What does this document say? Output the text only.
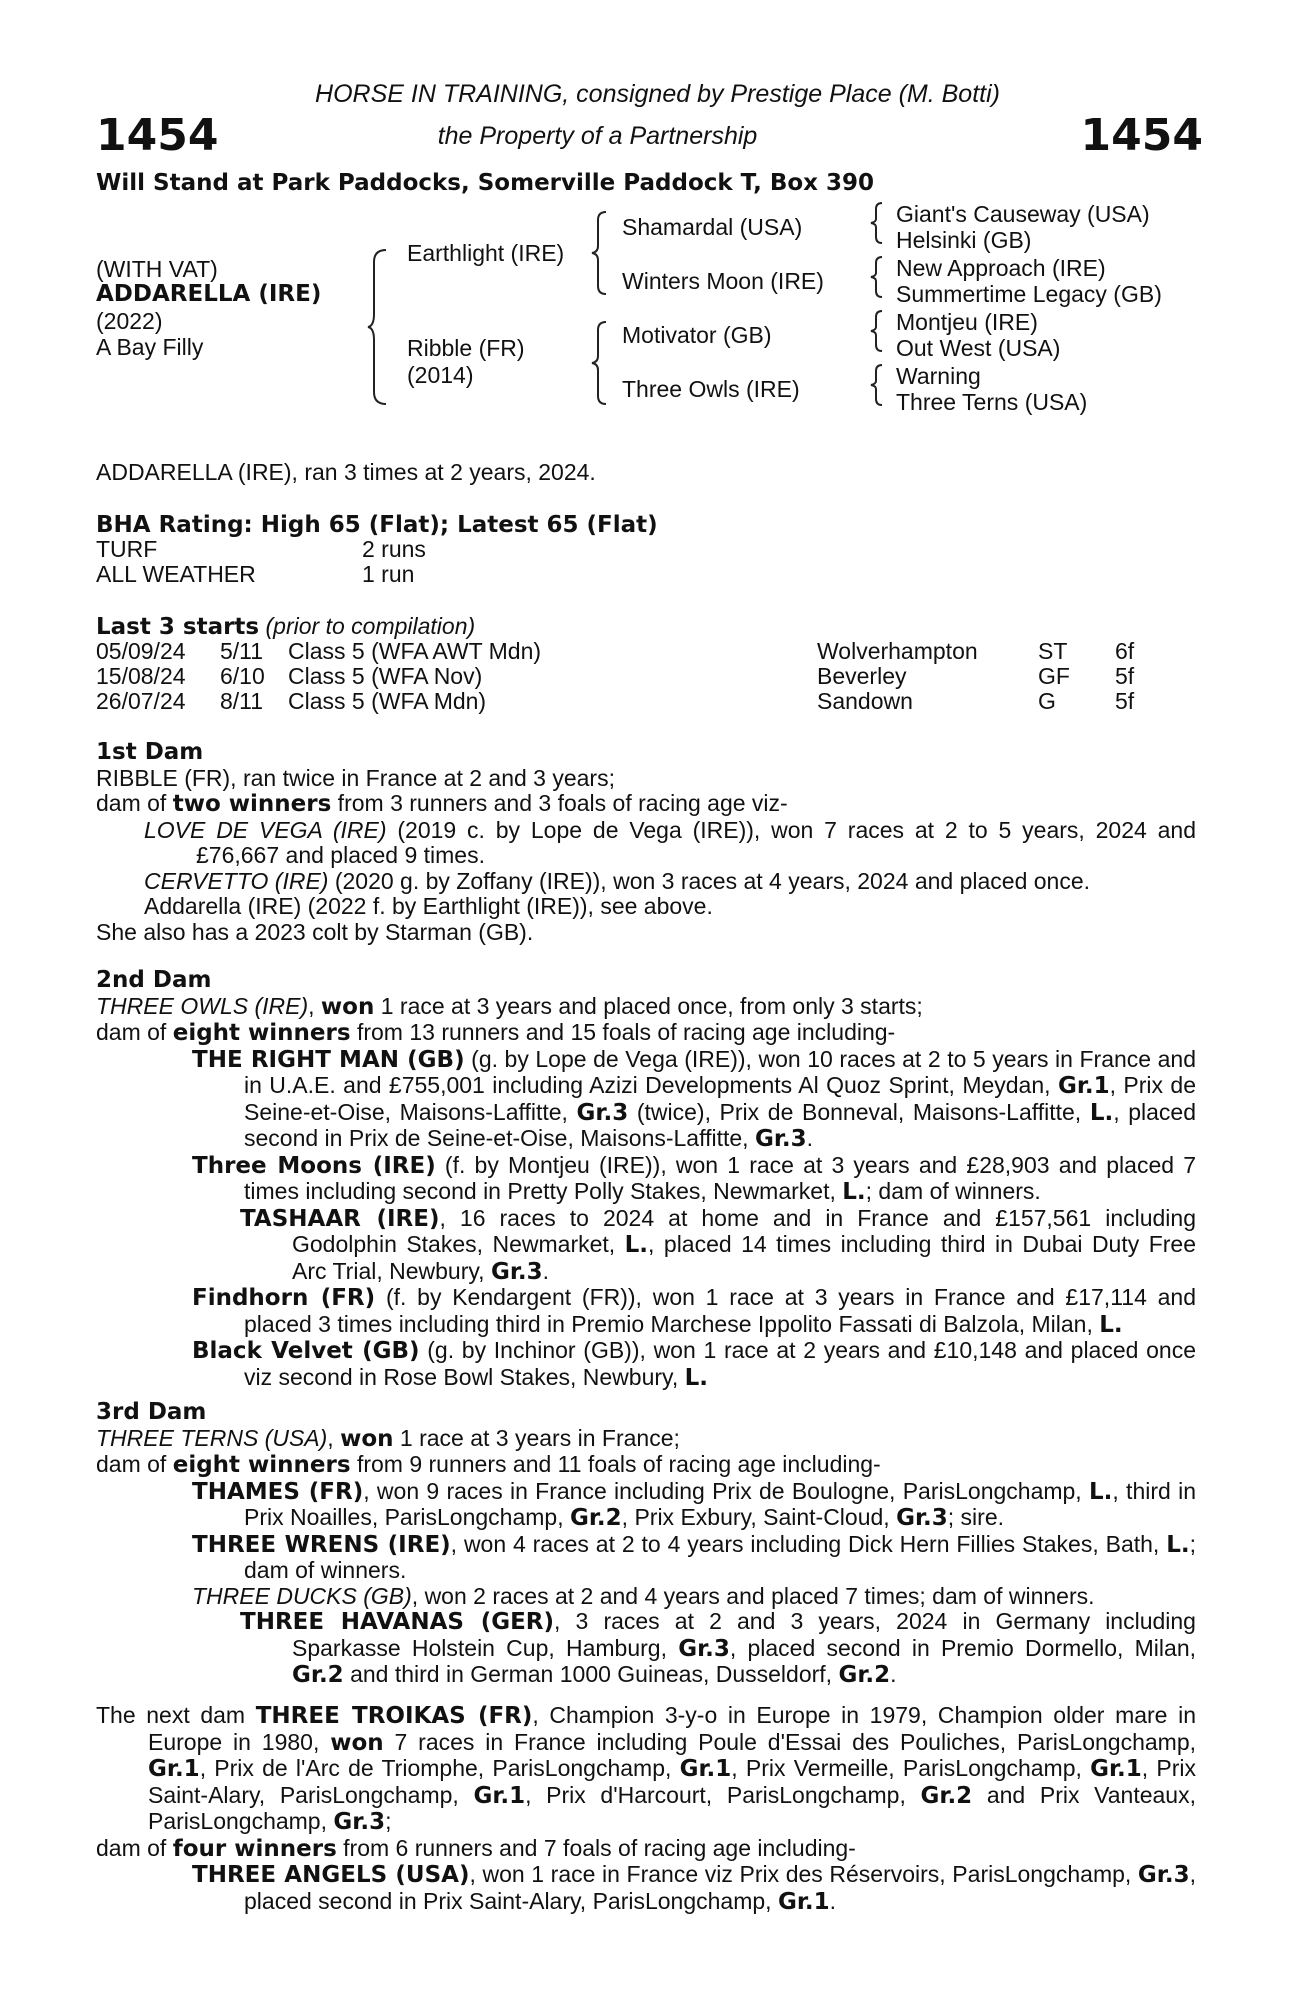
1454	1454
HORSE IN TRAINING, consigned by Prestige Place (M. Botti)
the Property of a Partnership
Will Stand at Park Paddocks, Somerville Paddock T, Box 390
(WITH VAT)
ADDARELLA (IRE)
(2022)
A Bay Filly
Earthlight (IRE)
Ribble (FR)
(2014)
Shamardal (USA)
Winters Moon (IRE)
Motivator (GB)
Three Owls (IRE)
Giant's Causeway (USA)
Helsinki (GB)
New Approach (IRE)
Summertime Legacy (GB)
Montjeu (IRE)
Out West (USA)
Warning
Three Terns (USA)
ADDARELLA (IRE), ran 3 times at 2 years, 2024.
BHA Rating: High 65 (Flat); Latest 65 (Flat)
TURF	2 runs
ALL WEATHER	1 run
Last 3 starts (prior to compilation)
05/09/24 5/11 Class 5 (WFA AWT Mdn)	Wolverhampton	ST 6f
15/08/24 6/10 Class 5 (WFA Nov)	Beverley	GF 5f
26/07/24 8/11 Class 5 (WFA Mdn)	Sandown	G	5f

1st Dam

RIBBLE (FR), ran twice in France at 2 and 3 years;

dam of two winners from 3 runners and 3 foals of racing age viz-

LOVE DE VEGA (IRE) (2019 c. by Lope de Vega (IRE)), won 7 races at 2 to 5 years, 2024 and £76,667 and placed 9 times.

CERVETTO (IRE) (2020 g. by Zoffany (IRE)), won 3 races at 4 years, 2024 and placed once.

Addarella (IRE) (2022 f. by Earthlight (IRE)), see above.

She also has a 2023 colt by Starman (GB).

2nd Dam

THREE OWLS (IRE), won 1 race at 3 years and placed once, from only 3 starts;

dam of eight winners from 13 runners and 15 foals of racing age including-

THE RIGHT MAN (GB) (g. by Lope de Vega (IRE)), won 10 races at 2 to 5 years in France and in U.A.E. and £755,001 including Azizi Developments Al Quoz Sprint, Meydan, Gr.1, Prix de Seine-et-Oise, Maisons-Laffitte, Gr.3 (twice), Prix de Bonneval, Maisons-Laffitte, L., placed second in Prix de Seine-et-Oise, Maisons-Laffitte, Gr.3.

Three Moons (IRE) (f. by Montjeu (IRE)), won 1 race at 3 years and £28,903 and placed 7 times including second in Pretty Polly Stakes, Newmarket, L.; dam of winners.

TASHAAR (IRE), 16 races to 2024 at home and in France and £157,561 including Godolphin Stakes, Newmarket, L., placed 14 times including third in Dubai Duty Free Arc Trial, Newbury, Gr.3.

Findhorn (FR) (f. by Kendargent (FR)), won 1 race at 3 years in France and £17,114 and placed 3 times including third in Premio Marchese Ippolito Fassati di Balzola, Milan, L.

Black Velvet (GB) (g. by Inchinor (GB)), won 1 race at 2 years and £10,148 and placed once viz second in Rose Bowl Stakes, Newbury, L.

3rd Dam

THREE TERNS (USA), won 1 race at 3 years in France;

dam of eight winners from 9 runners and 11 foals of racing age including-

THAMES (FR), won 9 races in France including Prix de Boulogne, ParisLongchamp, L., third in Prix Noailles, ParisLongchamp, Gr.2, Prix Exbury, Saint-Cloud, Gr.3; sire.

THREE WRENS (IRE), won 4 races at 2 to 4 years including Dick Hern Fillies Stakes, Bath, L.; dam of winners.

THREE DUCKS (GB), won 2 races at 2 and 4 years and placed 7 times; dam of winners.

THREE HAVANAS (GER), 3 races at 2 and 3 years, 2024 in Germany including Sparkasse Holstein Cup, Hamburg, Gr.3, placed second in Premio Dormello, Milan, Gr.2 and third in German 1000 Guineas, Dusseldorf, Gr.2.

The next dam THREE TROIKAS (FR), Champion 3-y-o in Europe in 1979, Champion older mare in Europe in 1980, won 7 races in France including Poule d'Essai des Pouliches, ParisLongchamp, Gr.1, Prix de l'Arc de Triomphe, ParisLongchamp, Gr.1, Prix Vermeille, ParisLongchamp, Gr.1, Prix Saint-Alary, ParisLongchamp, Gr.1, Prix d'Harcourt, ParisLongchamp, Gr.2 and Prix Vanteaux, ParisLongchamp, Gr.3;

dam of four winners from 6 runners and 7 foals of racing age including-

THREE ANGELS (USA), won 1 race in France viz Prix des Réservoirs, ParisLongchamp, Gr.3, placed second in Prix Saint-Alary, ParisLongchamp, Gr.1.
